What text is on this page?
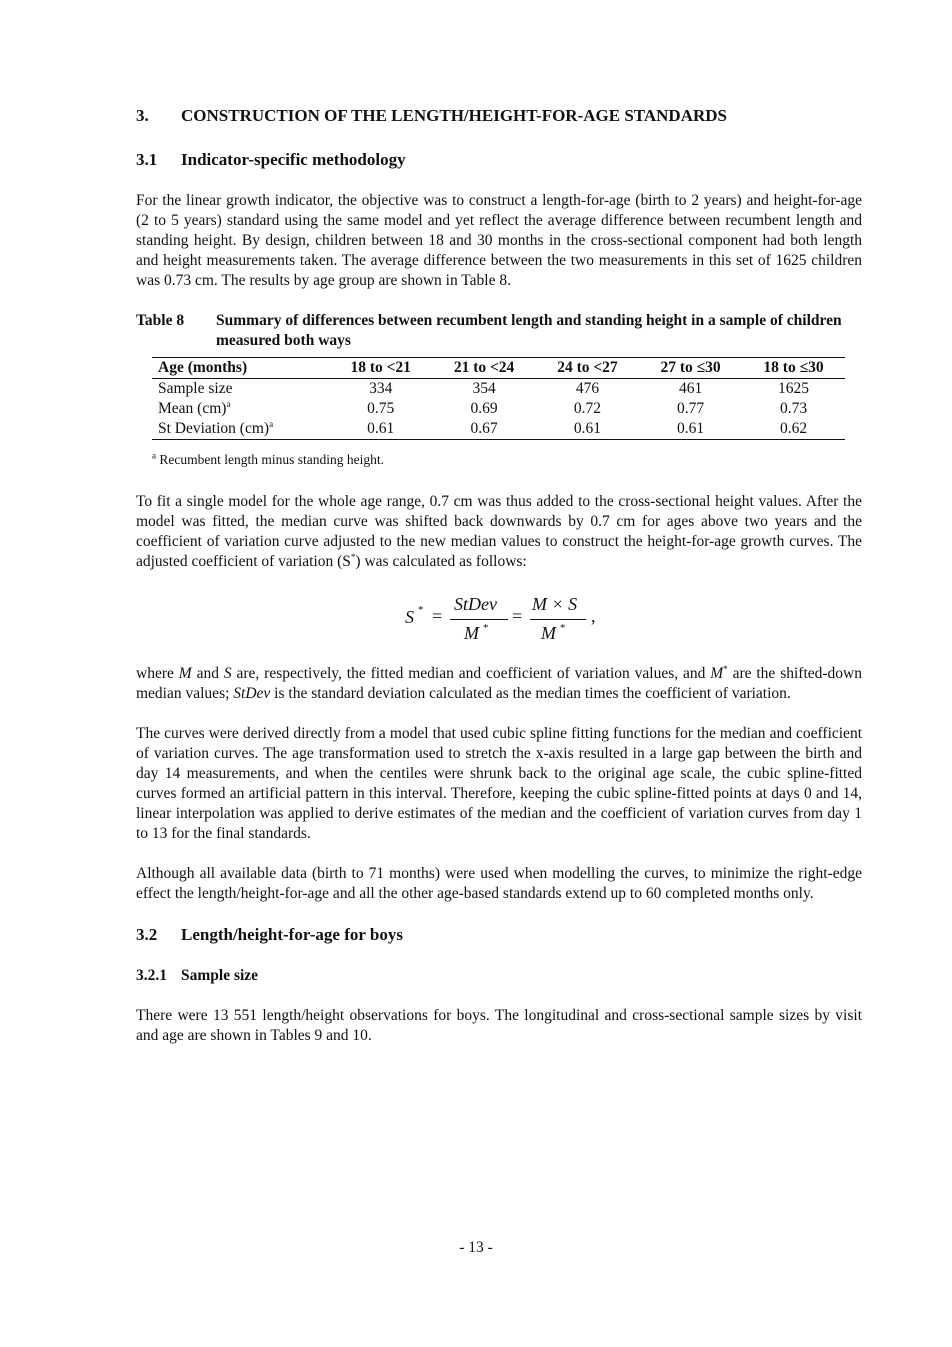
3. CONSTRUCTION OF THE LENGTH/HEIGHT-FOR-AGE STANDARDS
3.1 Indicator-specific methodology

For the linear growth indicator, the objective was to construct a length-for-age (birth to 2 years) and height-for-age (2 to 5 years) standard using the same model and yet reflect the average difference between recumbent length and standing height. By design, children between 18 and 30 months in the cross-sectional component had both length and height measurements taken. The average difference between the two measurements in this set of 1625 children was 0.73 cm. The results by age group are shown in Table 8.

Table 8	Summary of differences between recumbent length and standing height in a sample of children measured both ways
Age (months)	18 to <21	21 to <24	24 to <27	27 to ≤30	18 to ≤30
Sample size	334	354	476	461	1625
Mean (cm)$^a$	0.75	0.69	0.72	0.77	0.73
St Deviation (cm)$^a$	0.61	0.67	0.61	0.61	0.62
$^a$ Recumbent length minus standing height.

To fit a single model for the whole age range, 0.7 cm was thus added to the cross-sectional height values. After the model was fitted, the median curve was shifted back downwards by 0.7 cm for ages above two years and the coefficient of variation curve adjusted to the new median values to construct the height-for-age growth curves. The adjusted coefficient of variation (S*) was calculated as follows:

S * =
StDev
M *
=
M × S
M *
,

where M and S are, respectively, the fitted median and coefficient of variation values, and M* are the shifted-down median values; StDev is the standard deviation calculated as the median times the coefficient of variation.

The curves were derived directly from a model that used cubic spline fitting functions for the median and coefficient of variation curves. The age transformation used to stretch the x-axis resulted in a large gap between the birth and day 14 measurements, and when the centiles were shrunk back to the original age scale, the cubic spline-fitted curves formed an artificial pattern in this interval. Therefore, keeping the cubic spline-fitted points at days 0 and 14, linear interpolation was applied to derive estimates of the median and the coefficient of variation curves from day 1 to 13 for the final standards.

Although all available data (birth to 71 months) were used when modelling the curves, to minimize the right-edge effect the length/height-for-age and all the other age-based standards extend up to 60 completed months only.

3.2 Length/height-for-age for boys
3.2.1 Sample size

There were 13 551 length/height observations for boys. The longitudinal and cross-sectional sample sizes by visit and age are shown in Tables 9 and 10.

- 13 -
